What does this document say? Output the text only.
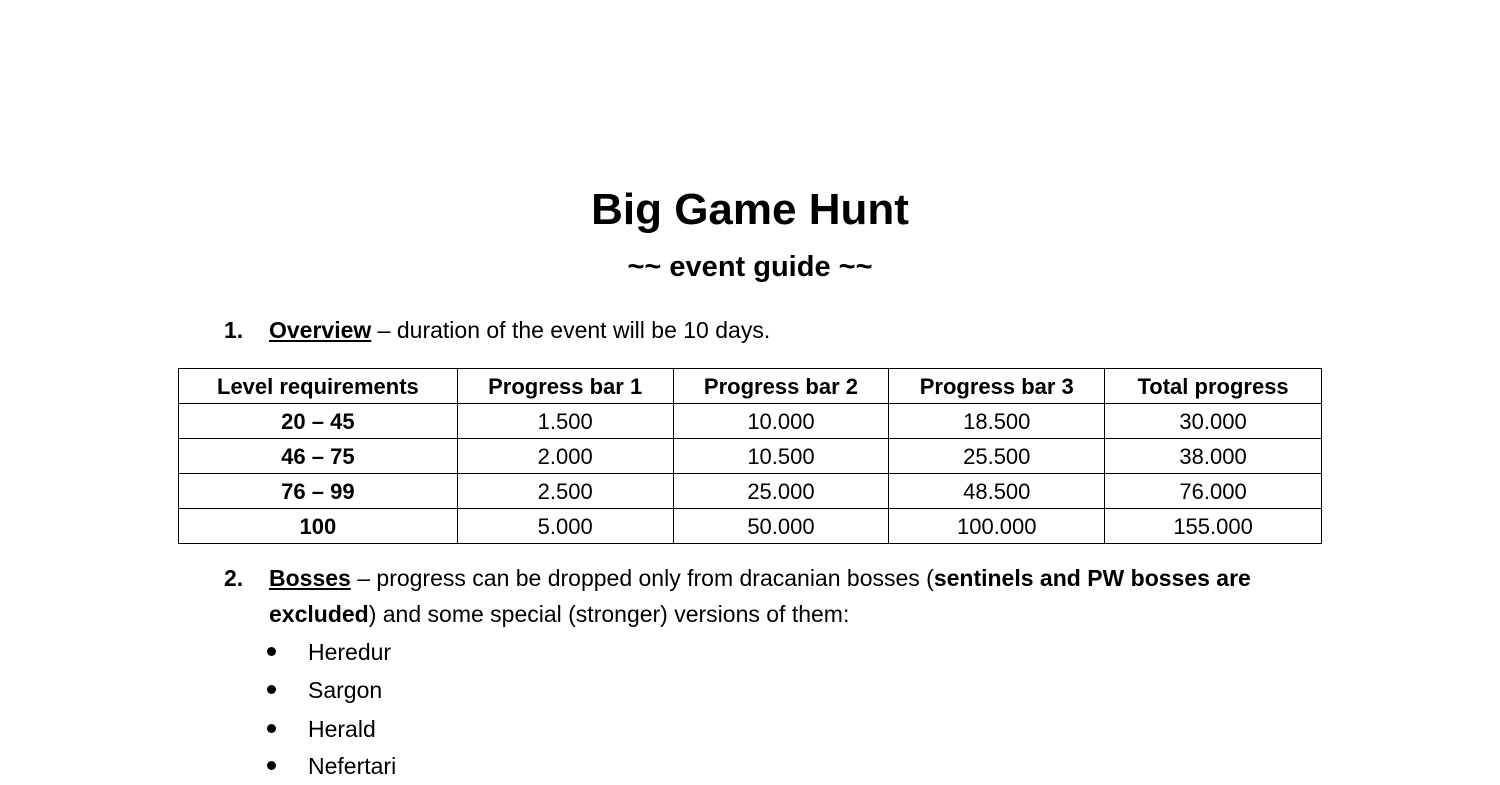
Big Game Hunt
~~ event guide ~~
1. Overview – duration of the event will be 10 days.
Level requirements	Progress bar 1	Progress bar 2	Progress bar 3	Total progress
20 – 45	1.500	10.000	18.500	30.000
46 – 75	2.000	10.500	25.500	38.000
76 – 99	2.500	25.000	48.500	76.000
100	5.000	50.000	100.000	155.000
2. Bosses – progress can be dropped only from dracanian bosses (sentinels and PW bosses are
excluded) and some special (stronger) versions of them:
Heredur
Sargon
Herald
Nefertari
